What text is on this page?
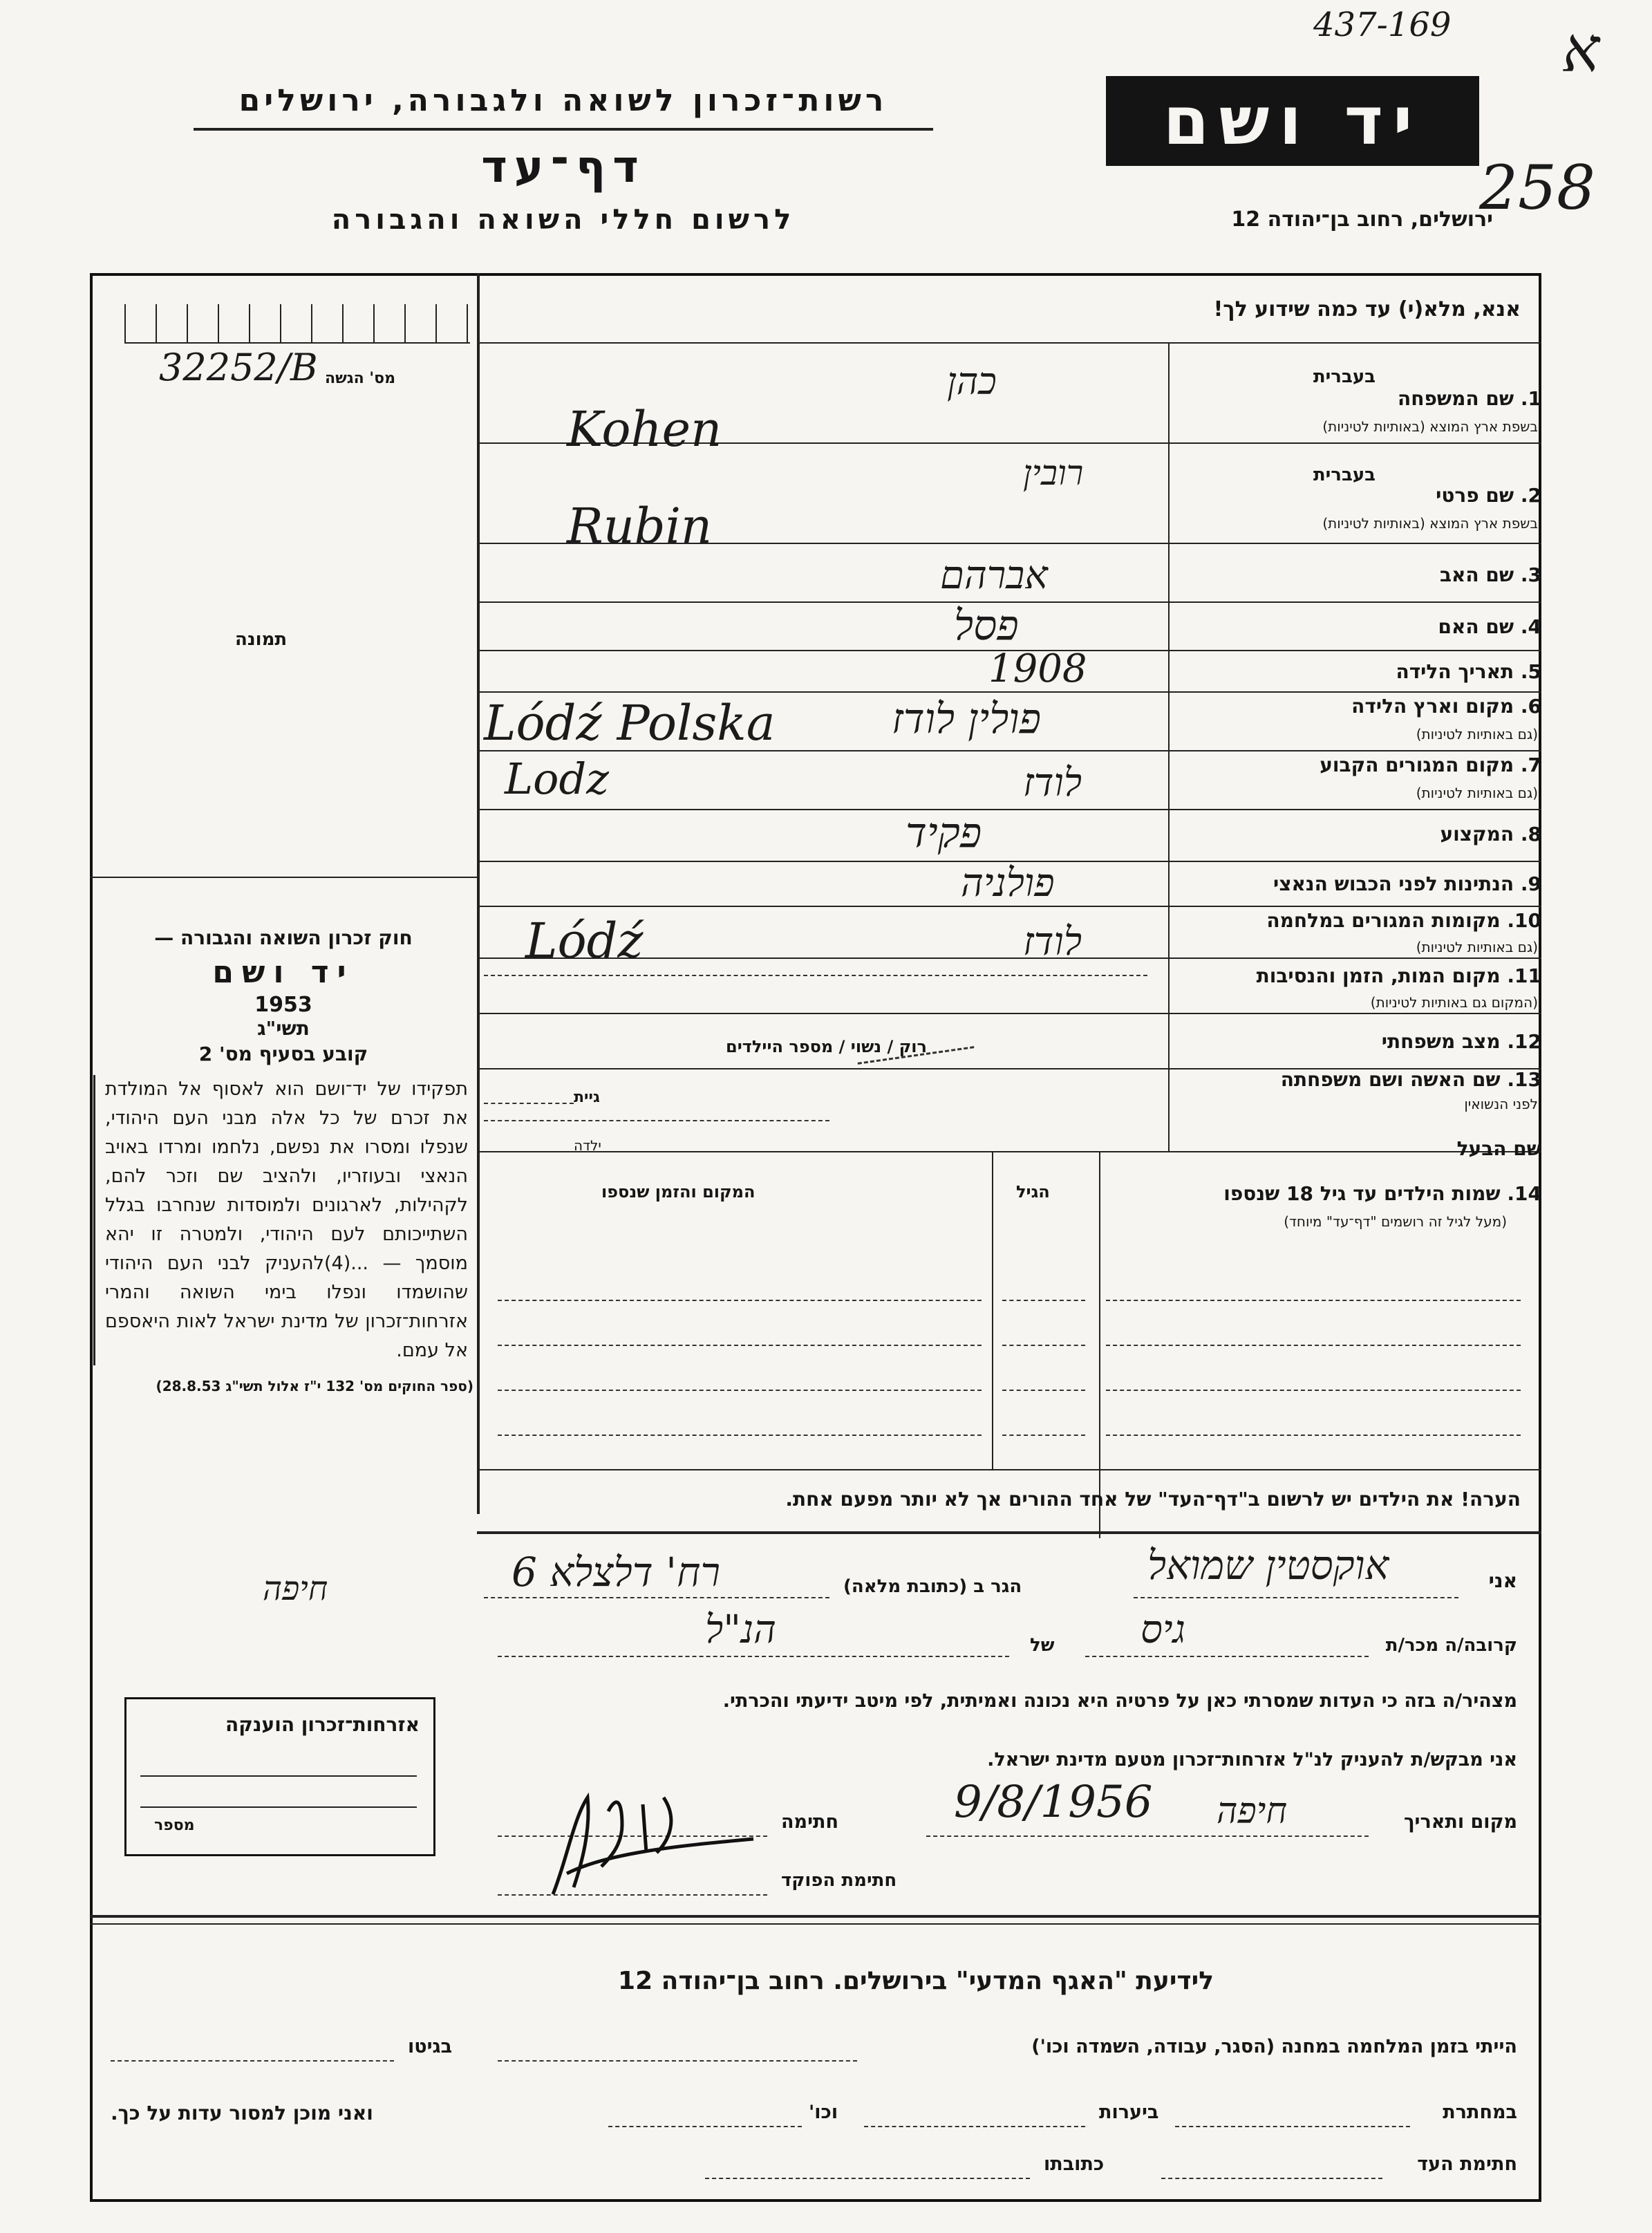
437-169 א
258
רשות־זכרון לשואה ולגבורה, ירושלים
דף־עד
לרשום חללי השואה והגבורה
יד ושם
ירושלים, רחוב בן־יהודה 12
אנא, מלא(י) עד כמה שידוע לך!
32252/B מס' הגשה
תמונה
חוק זכרון השואה והגבורה —
יד ושם
1953
תשי"ג
קובע בסעיף מס' 2
תפקידו של יד־ושם הוא לאסוף אל המולדת את זכרם של כל אלה מבני העם היהודי, שנפלו ומסרו את נפשם, נלחמו ומרדו באויב הנאצי ובעוזריו, ולהציב שם וזכר להם, לקהילות, לארגונים ולמוסדות שנחרבו בגלל השתייכותם לעם היהודי, ולמטרה זו יהא מוסמך — ...(4)להעניק לבני העם היהודי שהושמדו ונפלו בימי השואה והמרי אזרחות־זכרון של מדינת ישראל לאות היאספם אל עמם.
(ספר החוקים מס' 132 י"ז אלול תשי"ג 28.8.53)
חיפה
אזרחות־זכרון הוענקה
מספר
1. שם המשפחה
בשפת ארץ המוצא (באותיות לטיניות)
בעברית
כהן
Kohen
2. שם פרטי
בשפת ארץ המוצא (באותיות לטיניות)
בעברית
רובין
Rubin
3. שם האב
אברהם
4. שם האם
פסל
5. תאריך הלידה
1908
6. מקום וארץ הלידה
(גם באותיות לטיניות)
פולין לודז
Lódź Polska
7. מקום המגורים הקבוע
(גם באותיות לטיניות)
לודז
Lodz
8. המקצוע
פקיד
9. הנתינות לפני הכבוש הנאצי
פולניה
10. מקומות המגורים במלחמה
(גם באותיות לטיניות)
לודז
Lódź
11. מקום המות, הזמן והנסיבות
(המקום גם באותיות לטיניות)
12. מצב משפחתי
רוק / נשוי / מספר היילדים
13. שם האשה ושם משפחתה
לפני הנשואין
גיית
ילדה	שם הבעל
14. שמות הילדים עד גיל 18 שנספו
(מעל לגיל זה רושמים "דף־עד" מיוחד)
הגיל
המקום והזמן שנספו
הערה! את הילדים יש לרשום ב"דף־העד" של אחד ההורים אך לא יותר מפעם אחת.
אני
אוקסטין שמואל
הגר ב (כתובת מלאה)
רח' דלצלא 6
קרובה/ה מכר/ת
גיס
של
הנ"ל
מצהיר/ה בזה כי העדות שמסרתי כאן על פרטיה היא נכונה ואמיתית, לפי מיטב ידיעתי והכרתי.
אני מבקש/ת להעניק לנ"ל אזרחות־זכרון מטעם מדינת ישראל.
מקום ותאריך
חיפה
9/8/1956
חתימה
חתימת הפוקד
לידיעת "האגף המדעי" בירושלים. רחוב בן־יהודה 12
הייתי בזמן המלחמה במחנה (הסגר, עבודה, השמדה וכו')
בגיטו
במחתרת
ביערות
וכו'
ואני מוכן למסור עדות על כך.
חתימת העד
כתובתו
